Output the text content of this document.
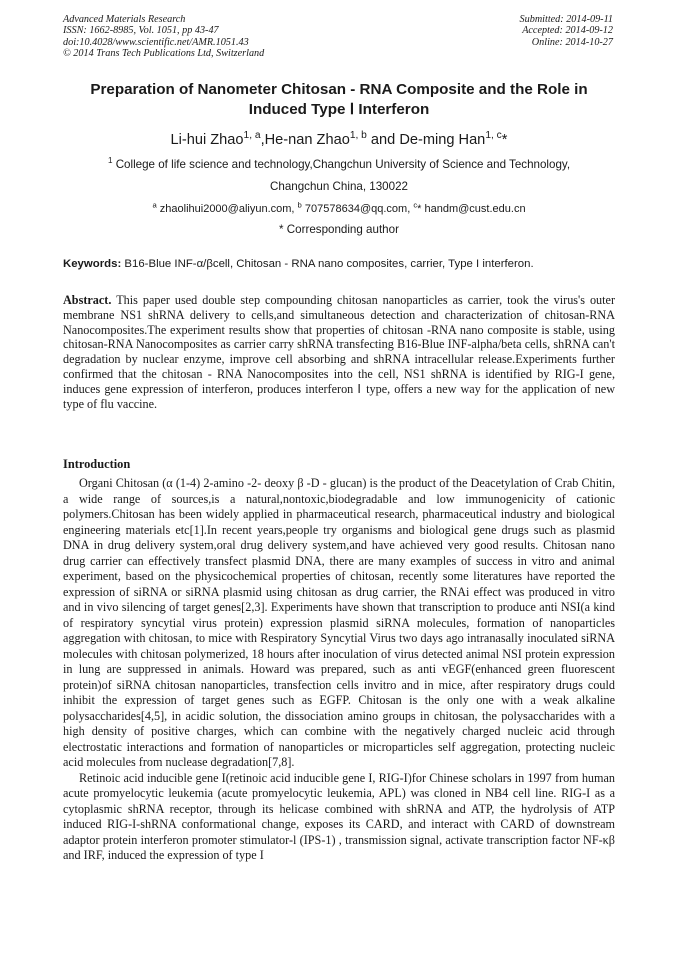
Advanced Materials Research
ISSN: 1662-8985, Vol. 1051, pp 43-47
doi:10.4028/www.scientific.net/AMR.1051.43
© 2014 Trans Tech Publications Ltd, Switzerland
Submitted: 2014-09-11
Accepted: 2014-09-12
Online: 2014-10-27
Preparation of Nanometer Chitosan - RNA Composite and the Role in
Induced Type Ⅰ Interferon
Li-hui Zhao$^{1, a}$,He-nan Zhao$^{1, b}$ and De-ming Han$^{1, c}$*
$^1$ College of life science and technology,Changchun University of Science and Technology,
Changchun China, 130022
$^a$ zhaolihui2000@aliyun.com, $^b$ 707578634@qq.com, $^c$* handm@cust.edu.cn
* Corresponding author
Keywords: B16-Blue INF-α/βcell, Chitosan - RNA nano composites, carrier, Type I interferon.
Abstract. This paper used double step compounding chitosan nanoparticles as carrier, took the virus's outer membrane NS1 shRNA delivery to cells,and simultaneous detection and characterization of chitosan-RNA Nanocomposites.The experiment results show that properties of chitosan -RNA nano composite is stable, using chitosan-RNA Nanocomposites as carrier carry shRNA transfecting B16-Blue INF-alpha/beta cells, shRNA can't degradation by nuclear enzyme, improve cell absorbing and shRNA intracellular release.Experiments further confirmed that the chitosan - RNA Nanocomposites into the cell, NS1 shRNA is identified by RIG-I gene, induces gene expression of interferon, produces interferon Ⅰ type, offers a new way for the application of new type of flu vaccine.
Introduction

Organi Chitosan (α (1-4) 2-amino -2- deoxy β -D - glucan) is the product of the Deacetylation of Crab Chitin, a wide range of sources,is a natural,nontoxic,biodegradable and low immunogenicity of cationic polymers.Chitosan has been widely applied in pharmaceutical research, pharmaceutical industry and biological engineering materials etc[1].In recent years,people try organisms and biological gene drugs such as plasmid DNA in drug delivery system,oral drug delivery system,and have achieved very good results. Chitosan nano drug carrier can effectively transfect plasmid DNA, there are many examples of success in vitro and animal experiment, based on the physicochemical properties of chitosan, recently some literatures have reported the expression of siRNA or siRNA plasmid using chitosan as drug carrier, the RNAi effect was produced in vitro and in vivo silencing of target genes[2,3]. Experiments have shown that transcription to produce anti NSI(a kind of respiratory syncytial virus protein) expression plasmid siRNA molecules, formation of nanoparticles aggregation with chitosan, to mice with Respiratory Syncytial Virus two days ago intranasally inoculated siRNA molecules with chitosan polymerized, 18 hours after inoculation of virus detected animal NSI protein expression in lung are suppressed in animals. Howard was prepared, such as anti vEGF(enhanced green fluorescent protein)of siRNA chitosan nanoparticles, transfection cells invitro and in mice, after respiratory drugs could inhibit the expression of target genes such as EGFP. Chitosan is the only one with a weak alkaline polysaccharides[4,5], in acidic solution, the dissociation amino groups in chitosan, the polysaccharides with a high density of positive charges, which can combine with the negatively charged nucleic acid through electrostatic interactions and formation of nanoparticles or microparticles self aggregation, protecting nucleic acid molecules from nuclease degradation[7,8].

Retinoic acid inducible gene I(retinoic acid inducible gene I, RIG-I)for Chinese scholars in 1997 from human acute promyelocytic leukemia (acute promyelocytic leukemia, APL) was cloned in NB4 cell line. RIG-I as a cytoplasmic shRNA receptor, through its helicase combined with shRNA and ATP, the hydrolysis of ATP induced RIG-I-shRNA conformational change, exposes its CARD, and interact with CARD of downstream adaptor protein interferon promoter stimulator-l (IPS-1) , transmission signal, activate transcription factor NF-κβ and IRF, induced the expression of type I
